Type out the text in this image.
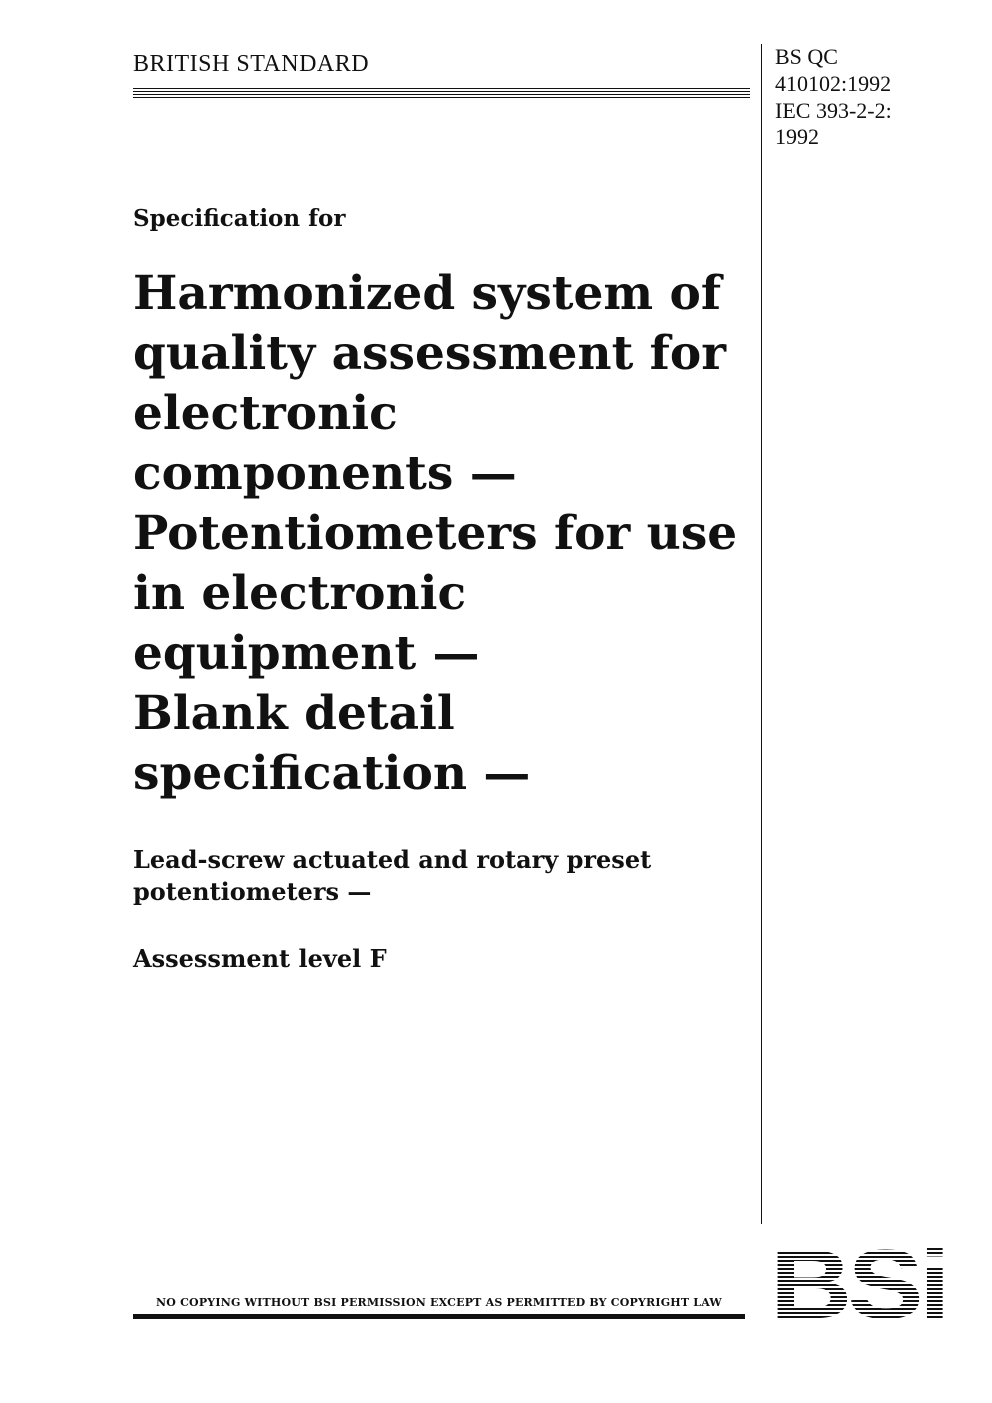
BRITISH STANDARD	BS QC
410102:1992
IEC 393-2-2:
1992
Specification for
Harmonized system of
quality assessment for
electronic
components —
Potentiometers for use
in electronic
equipment —
Blank detail
specification —
Lead-screw actuated and rotary preset
potentiometers —
Assessment level F
BSi
NO COPYING WITHOUT BSI PERMISSION EXCEPT AS PERMITTED BY COPYRIGHT LAW
